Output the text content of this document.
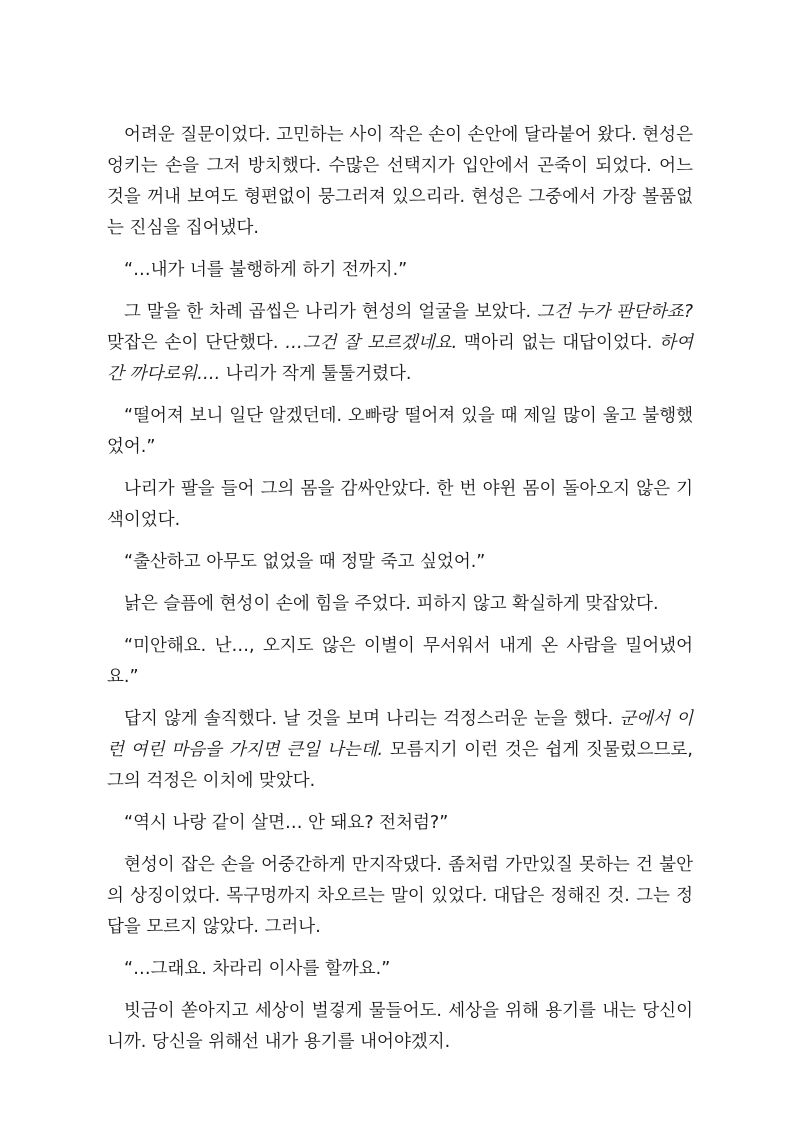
어려운 질문이었다. 고민하는 사이 작은 손이 손안에 달라붙어 왔다. 현성은 엉키는 손을 그저 방치했다. 수많은 선택지가 입안에서 곤죽이 되었다. 어느 것을 꺼내 보여도 형편없이 뭉그러져 있으리라. 현성은 그중에서 가장 볼품없는 진심을 집어냈다.

“…내가 너를 불행하게 하기 전까지.”

그 말을 한 차례 곱씹은 나리가 현성의 얼굴을 보았다. 그건 누가 판단하죠? 맞잡은 손이 단단했다. …그건 잘 모르겠네요. 맥아리 없는 대답이었다. 하여간 까다로워…. 나리가 작게 툴툴거렸다.

“떨어져 보니 일단 알겠던데. 오빠랑 떨어져 있을 때 제일 많이 울고 불행했었어.”

나리가 팔을 들어 그의 몸을 감싸안았다. 한 번 야윈 몸이 돌아오지 않은 기색이었다.

“출산하고 아무도 없었을 때 정말 죽고 싶었어.”

낡은 슬픔에 현성이 손에 힘을 주었다. 피하지 않고 확실하게 맞잡았다.

“미안해요. 난…, 오지도 않은 이별이 무서워서 내게 온 사람을 밀어냈어요.”

답지 않게 솔직했다. 날 것을 보며 나리는 걱정스러운 눈을 했다. 군에서 이런 여린 마음을 가지면 큰일 나는데. 모름지기 이런 것은 쉽게 짓물렀으므로, 그의 걱정은 이치에 맞았다.

“역시 나랑 같이 살면… 안 돼요? 전처럼?”

현성이 잡은 손을 어중간하게 만지작댔다. 좀처럼 가만있질 못하는 건 불안의 상징이었다. 목구멍까지 차오르는 말이 있었다. 대답은 정해진 것. 그는 정답을 모르지 않았다. 그러나.

“…그래요. 차라리 이사를 할까요.”

빗금이 쏟아지고 세상이 벌겋게 물들어도. 세상을 위해 용기를 내는 당신이니까. 당신을 위해선 내가 용기를 내어야겠지.
